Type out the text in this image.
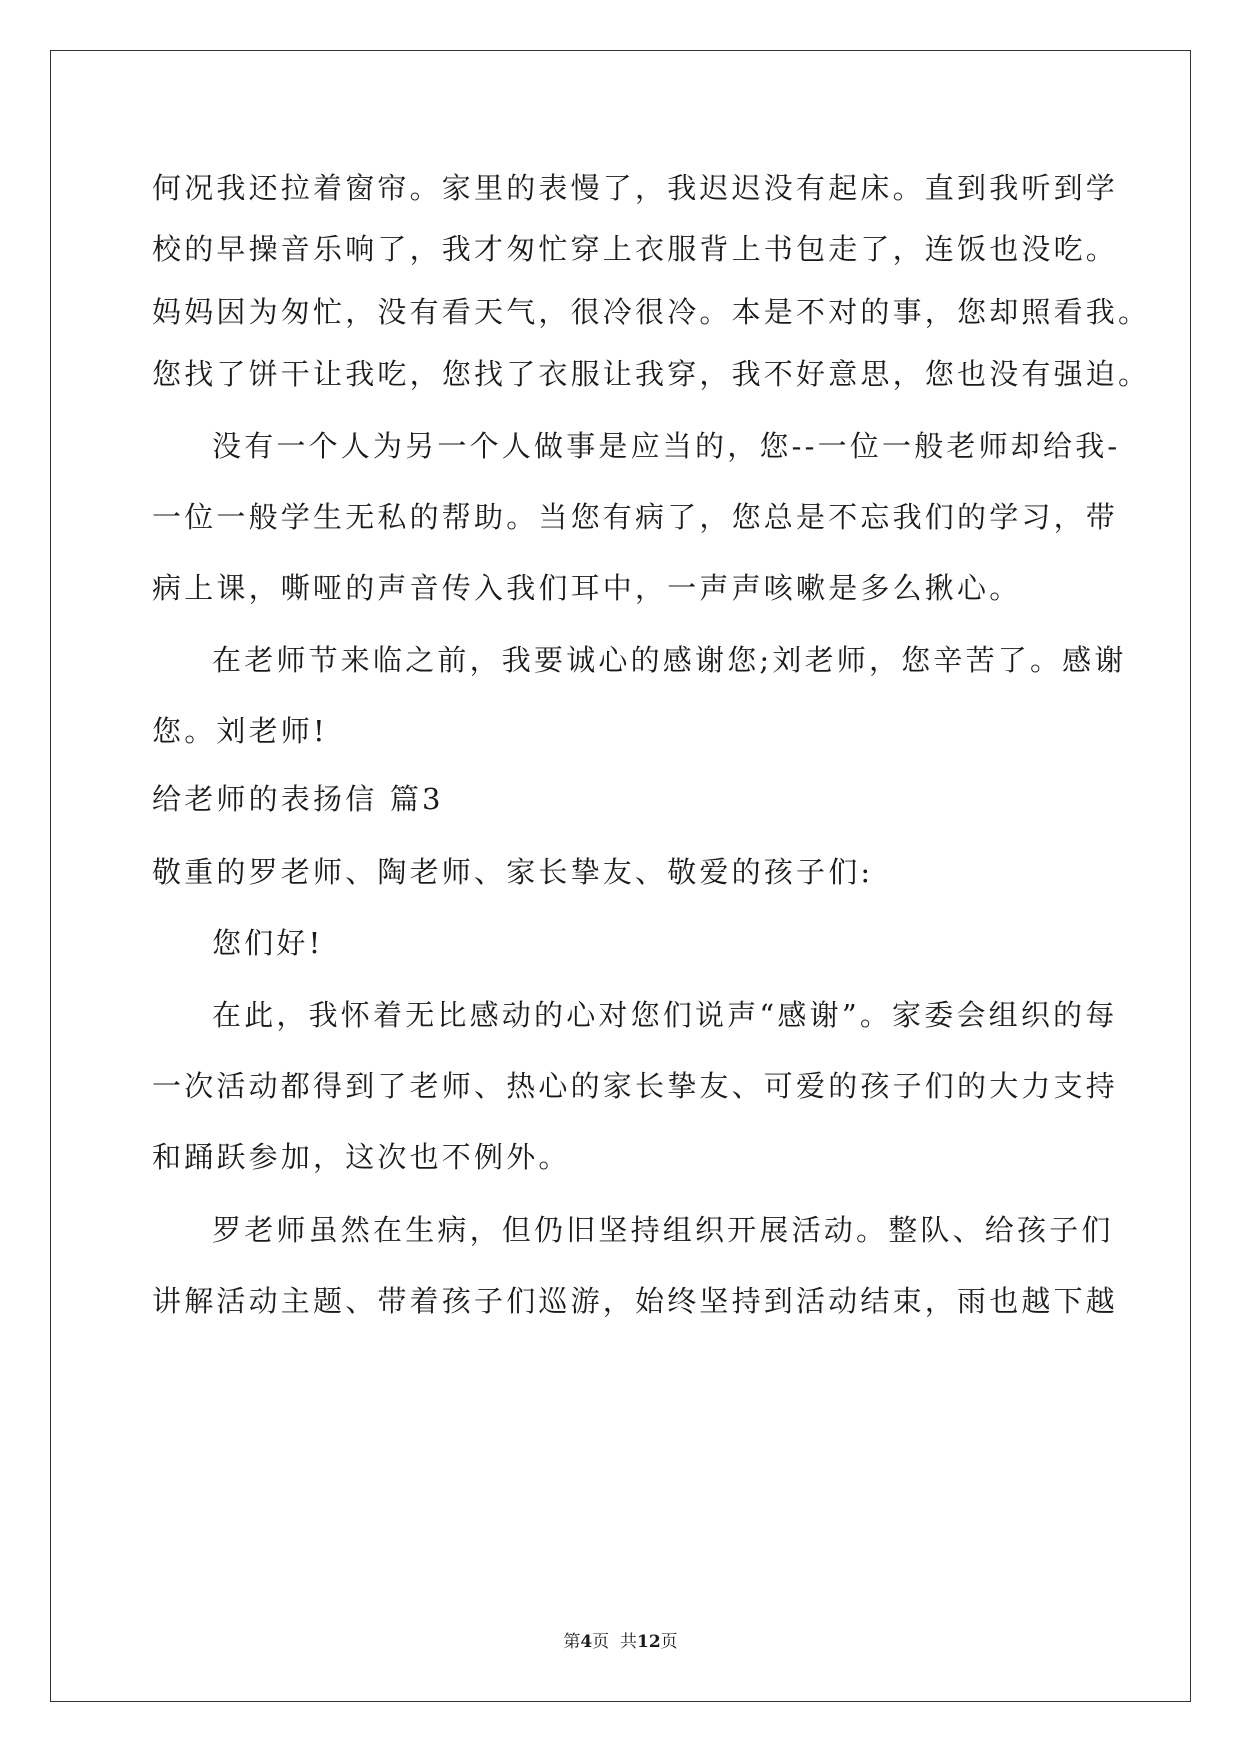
何况我还拉着窗帘。家里的表慢了，我迟迟没有起床。直到我听到学
校的早操音乐响了，我才匆忙穿上衣服背上书包走了，连饭也没吃。
妈妈因为匆忙，没有看天气，很冷很冷。本是不对的事，您却照看我。
您找了饼干让我吃，您找了衣服让我穿，我不好意思，您也没有强迫。
没有一个人为另一个人做事是应当的，您--一位一般老师却给我-
一位一般学生无私的帮助。当您有病了，您总是不忘我们的学习，带
病上课，嘶哑的声音传入我们耳中，一声声咳嗽是多么揪心。
在老师节来临之前，我要诚心的感谢您;刘老师，您辛苦了。感谢
您。刘老师!
给老师的表扬信 篇3
敬重的罗老师、陶老师、家长挚友、敬爱的孩子们:
您们好!
在此，我怀着无比感动的心对您们说声“感谢”。家委会组织的每
一次活动都得到了老师、热心的家长挚友、可爱的孩子们的大力支持
和踊跃参加，这次也不例外。
罗老师虽然在生病，但仍旧坚持组织开展活动。整队、给孩子们
讲解活动主题、带着孩子们巡游，始终坚持到活动结束，雨也越下越
第4页  共12页
